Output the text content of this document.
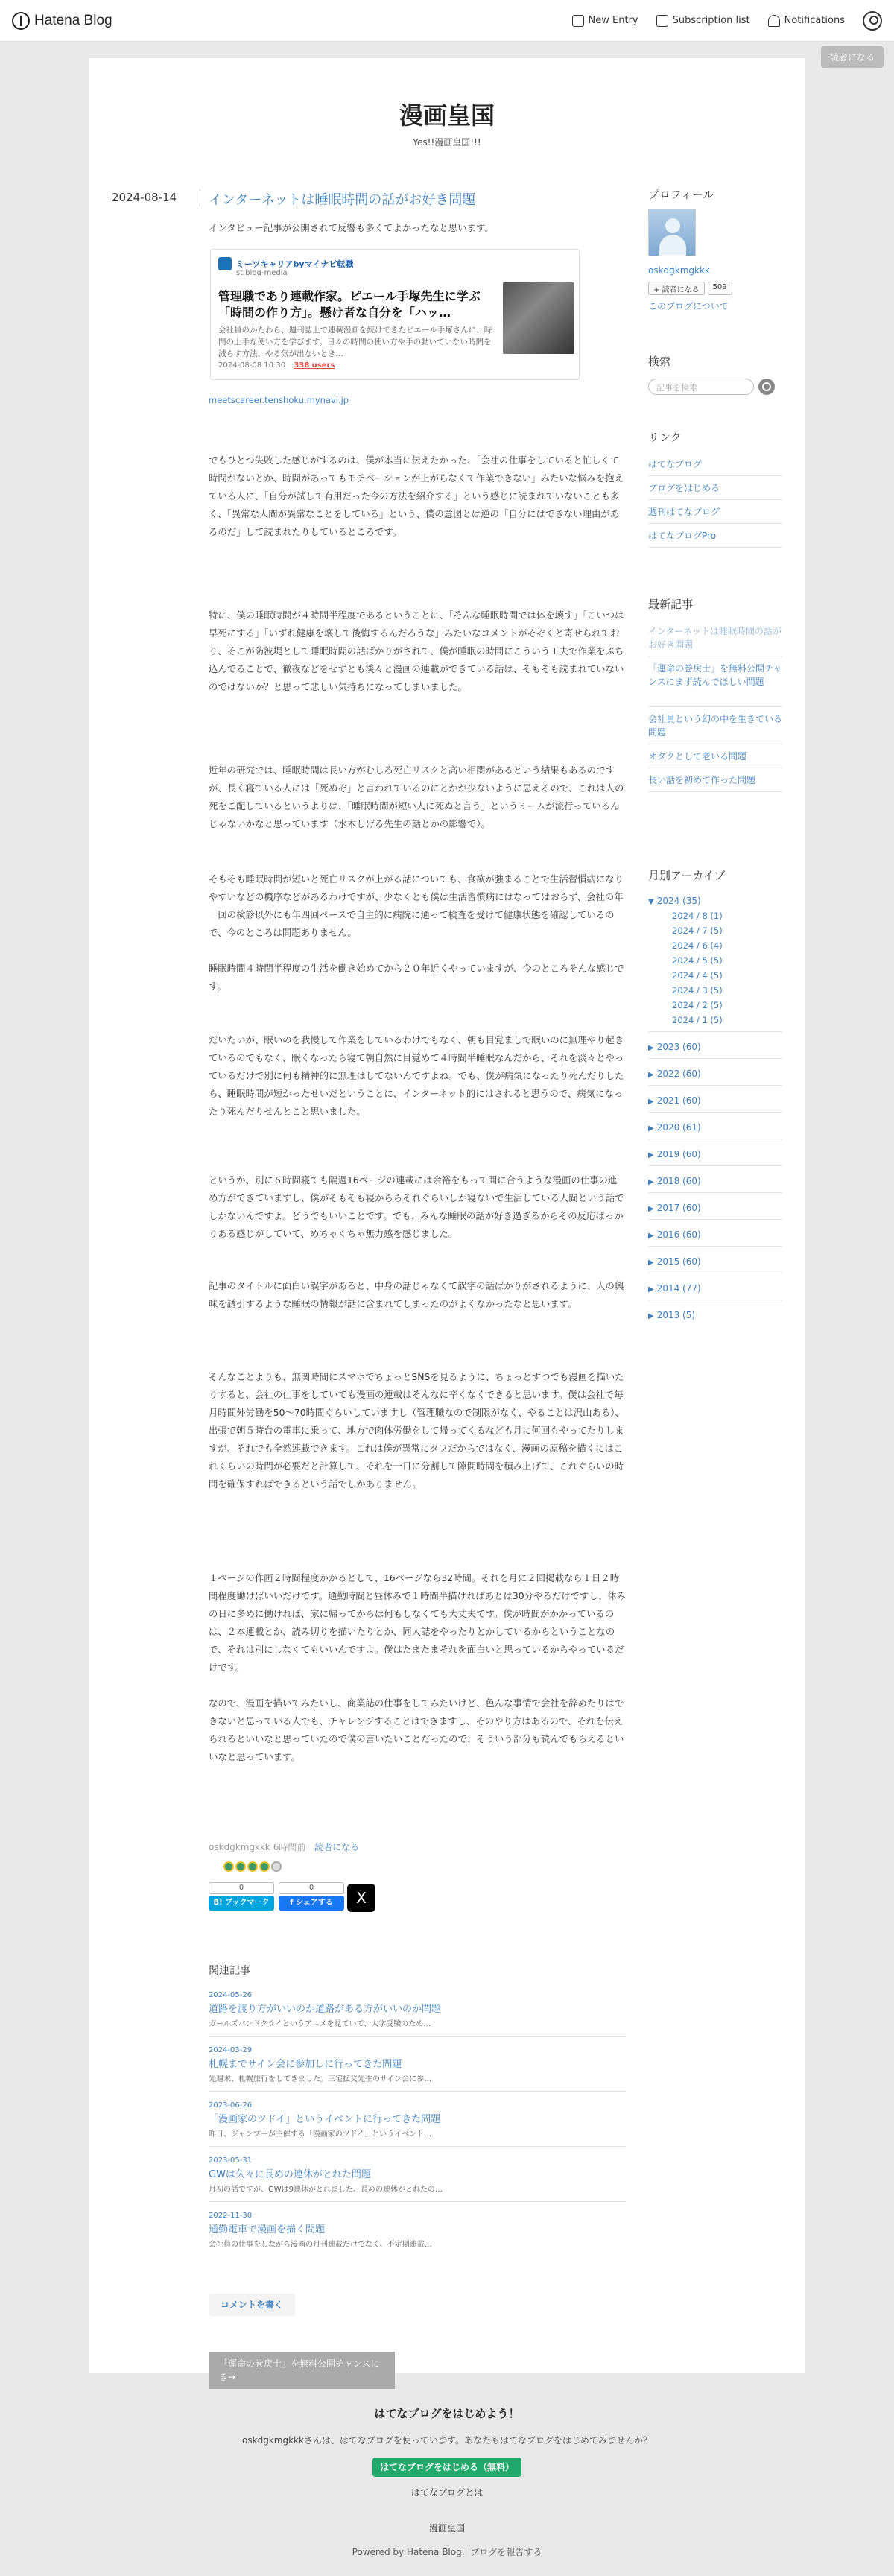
Hatena Blog	New Entry	Subscription list	Notifications
読者になる
漫画皇国
Yes!!漫画皇国!!!
2024-08-14 インターネットは睡眠時間の話がお好き問題
インタビュー記事が公開されて反響も多くてよかったなと思います。
ミーツキャリアbyマイナビ転職
st.blog-media
管理職であり連載作家。ピエール手塚先生に学ぶ「時間の作り方」。懸け者な自分を「ハッ…
会社員のかたわら、週刊誌上で連載漫画を続けてきたピエール手塚さんに、時間の上手な使い方を学びます。日々の時間の使い方や手の動いていない時間を減らす方法、やる気が出ないとき…
2024-08-08 10:30 338 users
meetscareer.tenshoku.mynavi.jp
でもひとつ失敗した感じがするのは、僕が本当に伝えたかった、「会社の仕事をしていると忙しくて時間がないとか、時間があってもモチベーションが上がらなくて作業できない」みたいな悩みを抱えている人に、「自分が試して有用だった今の方法を紹介する」という感じに読まれていないことも多く、「異常な人間が異常なことをしている」という、僕の意図とは逆の「自分にはできない理由があるのだ」して読まれたりしているところです。
特に、僕の睡眠時間が４時間半程度であるということに、「そんな睡眠時間では体を壊す」「こいつは早死にする」「いずれ健康を壊して後悔するんだろうな」みたいなコメントがそぞくと寄せられており、そこが防波堤として睡眠時間の話ばかりがされて、僕が睡眠の時間にこういう工夫で作業をぶち込んでることで、徹夜などをせずとも淡々と漫画の連載ができている話は、そもそも読まれていないのではないか？と思って悲しい気持ちになってしまいました。
近年の研究では、睡眠時間は長い方がむしろ死亡リスクと高い相関があるという結果もあるのですが、長く寝ている人には「死ぬぞ」と言われているのにとかが少ないように思えるので、これは人の死をご配しているというよりは、「睡眠時間が短い人に死ぬと言う」というミームが流行っているんじゃないかなと思っています（水木しげる先生の話とかの影響で）。
そもそも睡眠時間が短いと死亡リスクが上がる話についても、食欲が強まることで生活習慣病になりやすいなどの機序などがあるわけですが、少なくとも僕は生活習慣病にはなってはおらず、会社の年一回の検診以外にも年四回ペースで自主的に病院に通って検査を受けて健康状態を確認しているので、今のところは問題ありません。
睡眠時間４時間半程度の生活を働き始めてから２０年近くやっていますが、今のところそんな感じです。
だいたいが、眠いのを我慢して作業をしているわけでもなく、朝も目覚ましで眠いのに無理やり起きているのでもなく、眠くなったら寝て朝自然に目覚めて４時間半睡眠なんだから、それを淡々とやっているだけで別に何も精神的に無理はしてないんですよね。でも、僕が病気になったり死んだりしたら、睡眠時間が短かったせいだということに、インターネット的にはされると思うので、病気になったり死んだりせんとこと思いました。
というか、別に６時間寝ても隔週16ページの連載には余裕をもって間に合うような漫画の仕事の進め方ができていますし、僕がそもそも寝かららそれぐらいしか寝ないで生活している人間という話でしかないんですよ。どうでもいいことです。でも、みんな睡眠の話が好き過ぎるからその反応ばっかりある感じがしていて、めちゃくちゃ無力感を感じました。
記事のタイトルに面白い誤字があると、中身の話じゃなくて誤字の話ばかりがされるように、人の興味を誘引するような睡眠の情報が話に含まれてしまったのがよくなかったなと思います。
そんなことよりも、無関時間にスマホでちょっとSNSを見るように、ちょっとずつでも漫画を描いたりすると、会社の仕事をしていても漫画の連載はそんなに辛くなくできると思います。僕は会社で毎月時間外労働を50〜70時間ぐらいしていますし（管理職なので制限がなく、やることは沢山ある）、出張で朝５時台の電車に乗って、地方で肉体労働をして帰ってくるなども月に何回もやってたりしますが、それでも全然連載できます。これは僕が異常にタフだからではなく、漫画の原稿を描くにはこれくらいの時間が必要だと計算して、それを一日に分割して隙間時間を積み上げて、これぐらいの時間を確保すればできるという話でしかありません。
１ページの作画２時間程度かかるとして、16ページなら32時間。それを月に２回掲載なら１日２時間程度働けばいいだけです。通勤時間と昼休みで１時間半描ければあとは30分やるだけですし、休みの日に多めに働ければ、家に帰ってからは何もしなくても大丈夫です。僕が時間がかかっているのは、２本連載とか、読み切りを描いたりとか、同人誌をやったりとかしているからということなので、それは別にしなくてもいいんですよ。僕はたまたまそれを面白いと思っているからやっているだけです。
なので、漫画を描いてみたいし、商業誌の仕事をしてみたいけど、色んな事情で会社を辞めたりはできないと思っている人でも、チャレンジすることはできますし、そのやり方はあるので、それを伝えられるといいなと思っていたので僕の言いたいことだったので、そういう部分も読んでもらえるといいなと思っています。
oskdgkmgkkk 6時間前 読者になる
0
B! ブックマーク
0
f シェアする	X
関連記事
2024-05-26
道路を渡り方がいいのか道路がある方がいいのか問題
ガールズバンドクライというアニメを見ていて、大学受験のため…
2024-03-29
札幌までサイン会に参加しに行ってきた問題
先週末、札幌旅行をしてきました。三宅拡文先生のサイン会に参…
2023-06-26
「漫画家のツドイ」というイベントに行ってきた問題
昨日、ジャンプ＋が主催する「漫画家のツドイ」というイベント…
2023-05-31
GWは久々に長めの連休がとれた問題
月初の話ですが、GWは9連休がとれました。長めの連休がとれたの…
2022-11-30
通勤電車で漫画を描く問題
会社員の仕事をしながら漫画の月刊連載だけでなく、不定期連載…
コメントを書く
「運命の巻戻士」を無料公開チャンスにき→
プロフィール
oskdgkmgkkk
+ 読者になる	509
このブログについて
検索
記事を検索
リンク
はてなブログ
ブログをはじめる
週刊はてなブログ
はてなブログPro
最新記事
インターネットは睡眠時間の話がお好き問題
「運命の巻戻士」を無料公開チャンスにまず読んでほしい問題
会社員という幻の中を生きている問題
オタクとして老いる問題
長い話を初めて作った問題
月別アーカイブ
▼ 2024 (35)
2024 / 8 (1)
2024 / 7 (5)
2024 / 6 (4)
2024 / 5 (5)
2024 / 4 (5)
2024 / 3 (5)
2024 / 2 (5)
2024 / 1 (5)
▶ 2023 (60)
▶ 2022 (60)
▶ 2021 (60)
▶ 2020 (61)
▶ 2019 (60)
▶ 2018 (60)
▶ 2017 (60)
▶ 2016 (60)
▶ 2015 (60)
▶ 2014 (77)
▶ 2013 (5)
はてなブログをはじめよう！
oskdgkmgkkkさんは、はてなブログを使っています。あなたもはてなブログをはじめてみませんか？
はてなブログをはじめる（無料）
はてなブログとは
漫画皇国
Powered by Hatena Blog | ブログを報告する
